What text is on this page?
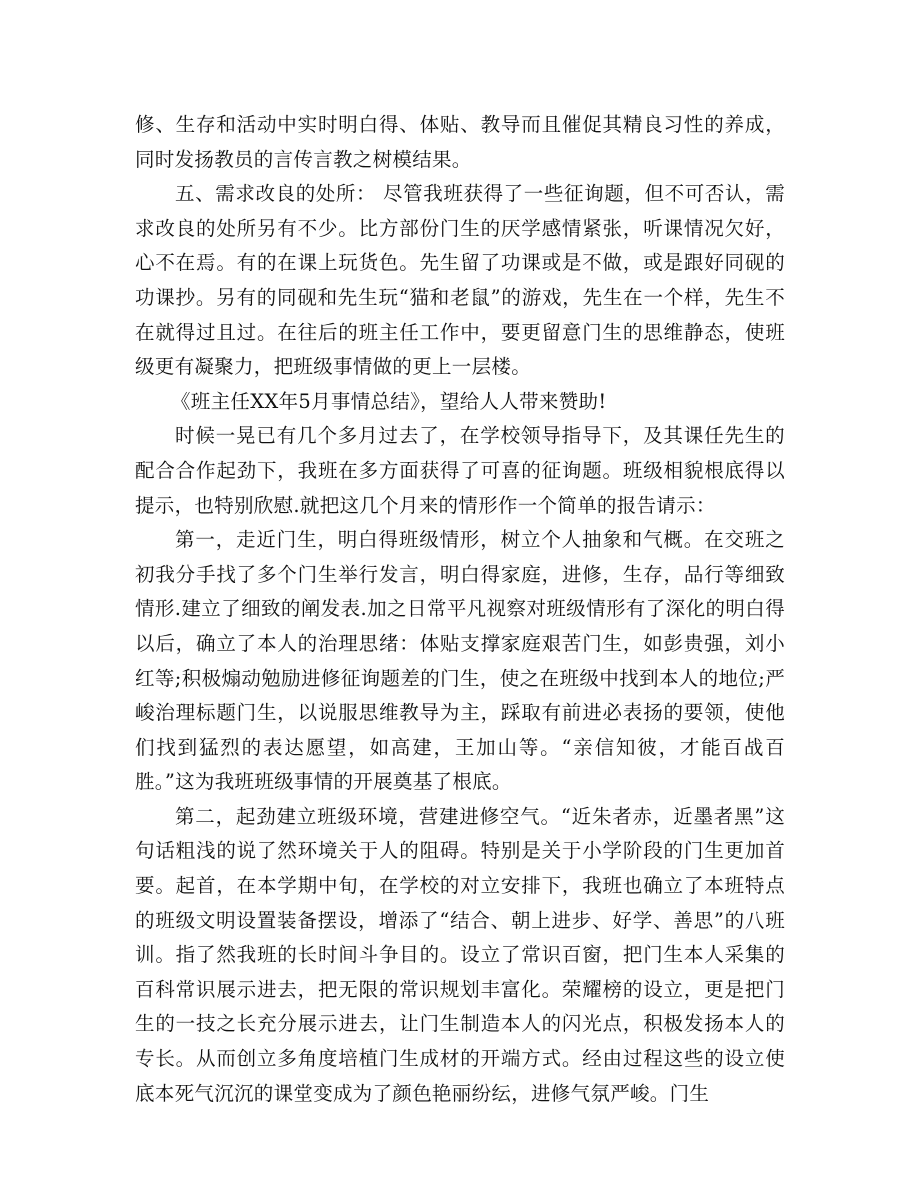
修、生存和活动中实时明白得、体贴、教导而且催促其精良习性的养成，同时发扬教员的言传言教之树模结果。

五、需求改良的处所： 尽管我班获得了一些征询题，但不可否认，需求改良的处所另有不少。比方部份门生的厌学感情紧张，听课情况欠好，心不在焉。有的在课上玩货色。先生留了功课或是不做，或是跟好同砚的功课抄。另有的同砚和先生玩“猫和老鼠”的游戏，先生在一个样，先生不在就得过且过。在往后的班主任工作中，要更留意门生的思维静态，使班级更有凝聚力，把班级事情做的更上一层楼。

《班主任XX年5月事情总结》，望给人人带来赞助!

时候一晃已有几个多月过去了，在学校领导指导下，及其课任先生的配合合作起劲下，我班在多方面获得了可喜的征询题。班级相貌根底得以提示，也特别欣慰.就把这几个月来的情形作一个简单的报告请示：

第一，走近门生，明白得班级情形，树立个人抽象和气概。在交班之初我分手找了多个门生举行发言，明白得家庭，进修，生存，品行等细致情形.建立了细致的阐发表.加之日常平凡视察对班级情形有了深化的明白得以后，确立了本人的治理思绪：体贴支撑家庭艰苦门生，如彭贵强，刘小红等;积极煽动勉励进修征询题差的门生，使之在班级中找到本人的地位;严峻治理标题门生，以说服思维教导为主，踩取有前进必表扬的要领，使他们找到猛烈的表达愿望，如高建，王加山等。“亲信知彼，才能百战百胜。”这为我班班级事情的开展奠基了根底。

第二，起劲建立班级环境，营建进修空气。“近朱者赤，近墨者黑”这句话粗浅的说了然环境关于人的阻碍。特别是关于小学阶段的门生更加首要。起首，在本学期中旬，在学校的对立安排下，我班也确立了本班特点的班级文明设置装备摆设，增添了“结合、朝上进步、好学、善思”的八班训。指了然我班的长时间斗争目的。设立了常识百窗，把门生本人采集的百科常识展示进去，把无限的常识规划丰富化。荣耀榜的设立，更是把门生的一技之长充分展示进去，让门生制造本人的闪光点，积极发扬本人的专长。从而创立多角度培植门生成材的开端方式。经由过程这些的设立使底本死气沉沉的课堂变成为了颜色艳丽纷纭，进修气氛严峻。门生
